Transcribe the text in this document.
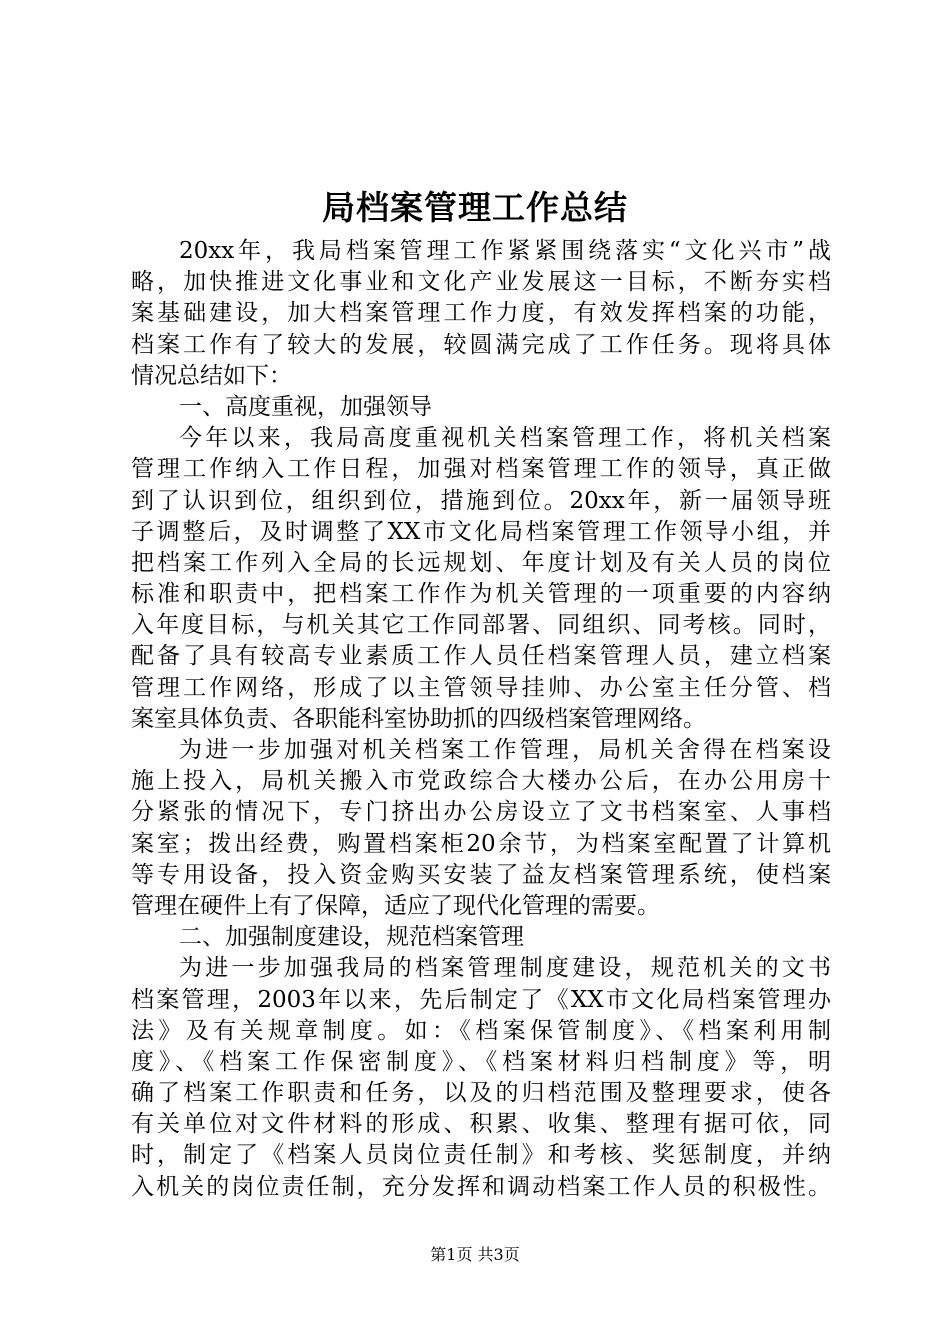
局档案管理工作总结
20xx年，我局档案管理工作紧紧围绕落实“文化兴市”战
略，加快推进文化事业和文化产业发展这一目标，不断夯实档
案基础建设，加大档案管理工作力度，有效发挥档案的功能，
档案工作有了较大的发展，较圆满完成了工作任务。现将具体
情况总结如下：
一、高度重视，加强领导
今年以来，我局高度重视机关档案管理工作，将机关档案
管理工作纳入工作日程，加强对档案管理工作的领导，真正做
到了认识到位，组织到位，措施到位。20xx年，新一届领导班
子调整后，及时调整了XX市文化局档案管理工作领导小组，并
把档案工作列入全局的长远规划、年度计划及有关人员的岗位
标准和职责中，把档案工作作为机关管理的一项重要的内容纳
入年度目标，与机关其它工作同部署、同组织、同考核。同时，
配备了具有较高专业素质工作人员任档案管理人员，建立档案
管理工作网络，形成了以主管领导挂帅、办公室主任分管、档
案室具体负责、各职能科室协助抓的四级档案管理网络。
为进一步加强对机关档案工作管理，局机关舍得在档案设
施上投入，局机关搬入市党政综合大楼办公后，在办公用房十
分紧张的情况下，专门挤出办公房设立了文书档案室、人事档
案室；拨出经费，购置档案柜20余节，为档案室配置了计算机
等专用设备，投入资金购买安装了益友档案管理系统，使档案
管理在硬件上有了保障，适应了现代化管理的需要。
二、加强制度建设，规范档案管理
为进一步加强我局的档案管理制度建设，规范机关的文书
档案管理，2003年以来，先后制定了《XX市文化局档案管理办
法》及有关规章制度。如：《档案保管制度》、《档案利用制
度》、《档案工作保密制度》、《档案材料归档制度》等，明
确了档案工作职责和任务，以及的归档范围及整理要求，使各
有关单位对文件材料的形成、积累、收集、整理有据可依，同
时，制定了《档案人员岗位责任制》和考核、奖惩制度，并纳
入机关的岗位责任制，充分发挥和调动档案工作人员的积极性。
第1页 共3页
